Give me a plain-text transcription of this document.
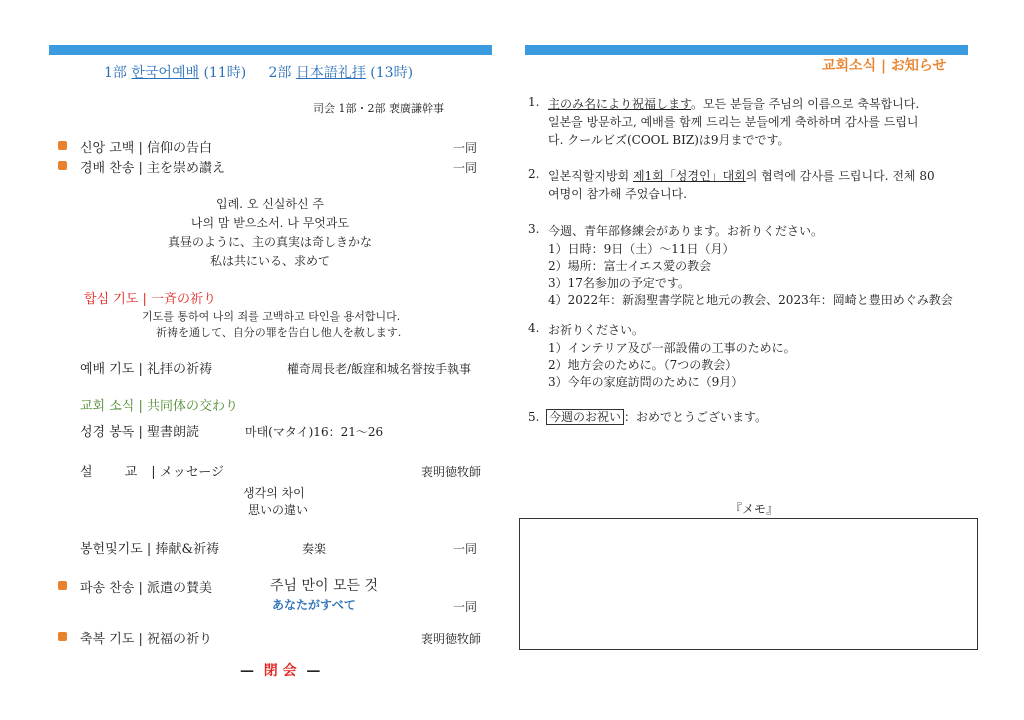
1部 한국어예배 (11時) 2部 日本語礼拝 (13時)
司会 1部・2部 裵廣謙幹事
신앙 고백 | 信仰の告白	一同
경배 찬송 | 主を崇め讃え	一同
입례. 오 신실하신 주
나의 맘 받으소서. 나 무엇과도
真昼のように、主の真実は奇しきかな
私は共にいる、求めて
합심 기도 | 一斉の祈り
기도를 통하여 나의 죄를 고백하고 타인을 용서합니다.
祈祷を通して、自分の罪を告白し他人を赦します.
예배 기도 | 礼拝の祈祷	權奇周長老/飯窪和城名誉按手執事
교회 소식 | 共同体の交わり
성경 봉독 | 聖書朗読	마태(マタイ)16：21～26
설 교| メッセージ	裵明徳牧師
생각의 차이
思いの違い
봉헌및기도 | 捧献&祈祷	奏楽	一同
파송 찬송 | 派遣の賛美	주님 만이 모든 것
あなたがすべて	一同
축복 기도 | 祝福の祈り	裵明徳牧師
— 閉 会 —
교회소식 | お知らせ
1. 主のみ名により祝福します。모든 분들을 주님의 이름으로 축복합니다.
일본을 방문하고, 예배를 함께 드리는 분들에게 축하하며 감사를 드립니
다. クールビズ(COOL BIZ)は9月までです。
2. 일본직할지방회 제1회「성경인」대회의 협력에 감사를 드립니다. 전체 80
여명이 참가해 주었습니다.
3. 今週、青年部修練会があります。お祈りください。
1）日時：9日（土）～11日（月）
2）場所：富士イエス愛の教会
3）17名参加の予定です。
4）2022年：新潟聖書学院と地元の教会、2023年：岡崎と豊田めぐみ教会
4. お祈りください。
1）インテリア及び一部設備の工事のために。
2）地方会のために。（7つの教会）
3）今年の家庭訪問のために（9月）
5. 今週のお祝い ：おめでとうございます。
『メモ』
